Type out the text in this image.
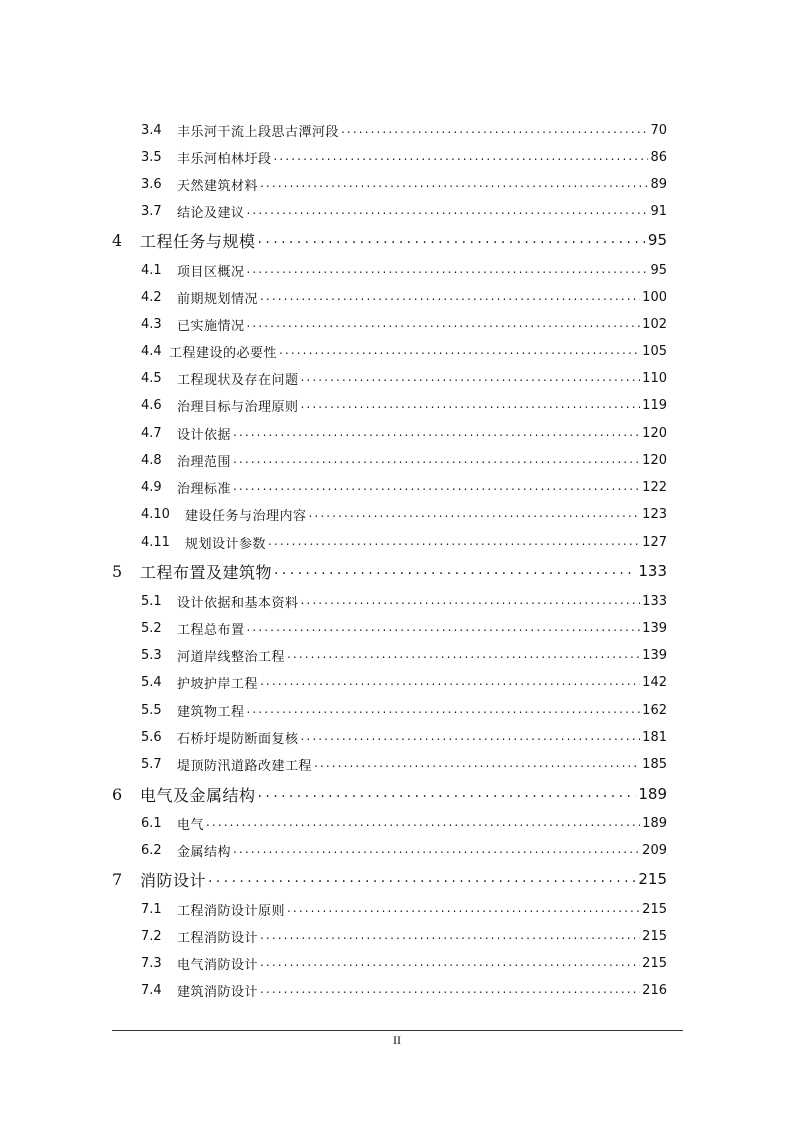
3.4	丰乐河干流上段思古潭河段 .....	70
3.5	丰乐河柏林圩段 .....	86
3.6	天然建筑材料 .....	89
3.7	结论及建议 .....	91
4	工程任务与规模 .....	95
4.1	项目区概况 .....	95
4.2	前期规划情况 .....	100
4.3	已实施情况 .....	102
4.4 工程建设的必要性 .....	105
4.5	工程现状及存在问题 .....	110
4.6	治理目标与治理原则 .....	119
4.7	设计依据 .....	120
4.8	治理范围 .....	120
4.9	治理标准 .....	122
4.10	建设任务与治理内容 .....	123
4.11	规划设计参数 .....	127
5	工程布置及建筑物 .....	133
5.1	设计依据和基本资料 .....	133
5.2	工程总布置 .....	139
5.3	河道岸线整治工程 .....	139
5.4	护坡护岸工程 .....	142
5.5	建筑物工程 .....	162
5.6	石桥圩堤防断面复核 .....	181
5.7	堤顶防汛道路改建工程 .....	185
6	电气及金属结构 .....	189
6.1	电气 .....	189
6.2	金属结构 .....	209
7	消防设计 .....	215
7.1	工程消防设计原则 .....	215
7.2	工程消防设计 .....	215
7.3	电气消防设计 .....	215
7.4	建筑消防设计 .....	216
II
